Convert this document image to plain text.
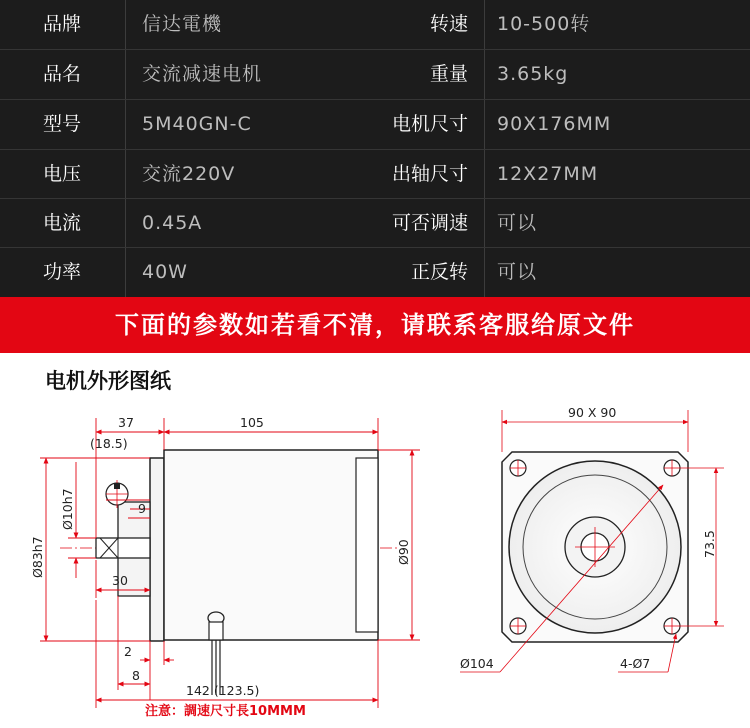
品牌	信达電機	转速 10-500转
品名	交流减速电机	重量 3.65kg
型号	5M40GN-C	电机尺寸 90X176MM
电压	交流220V	出轴尺寸 12X27MM
电流	0.45A	可否调速 可以
功率	40W	正反转 可以
下面的参数如若看不清，请联系客服给原文件
电机外形图纸
37	105
(18.5)
9
30
2
8
142 (123.5)
Ø83h7
Ø10h7
Ø90
90 X 90
73.5
Ø104	4-Ø7
注意：調速尺寸長10MMM
